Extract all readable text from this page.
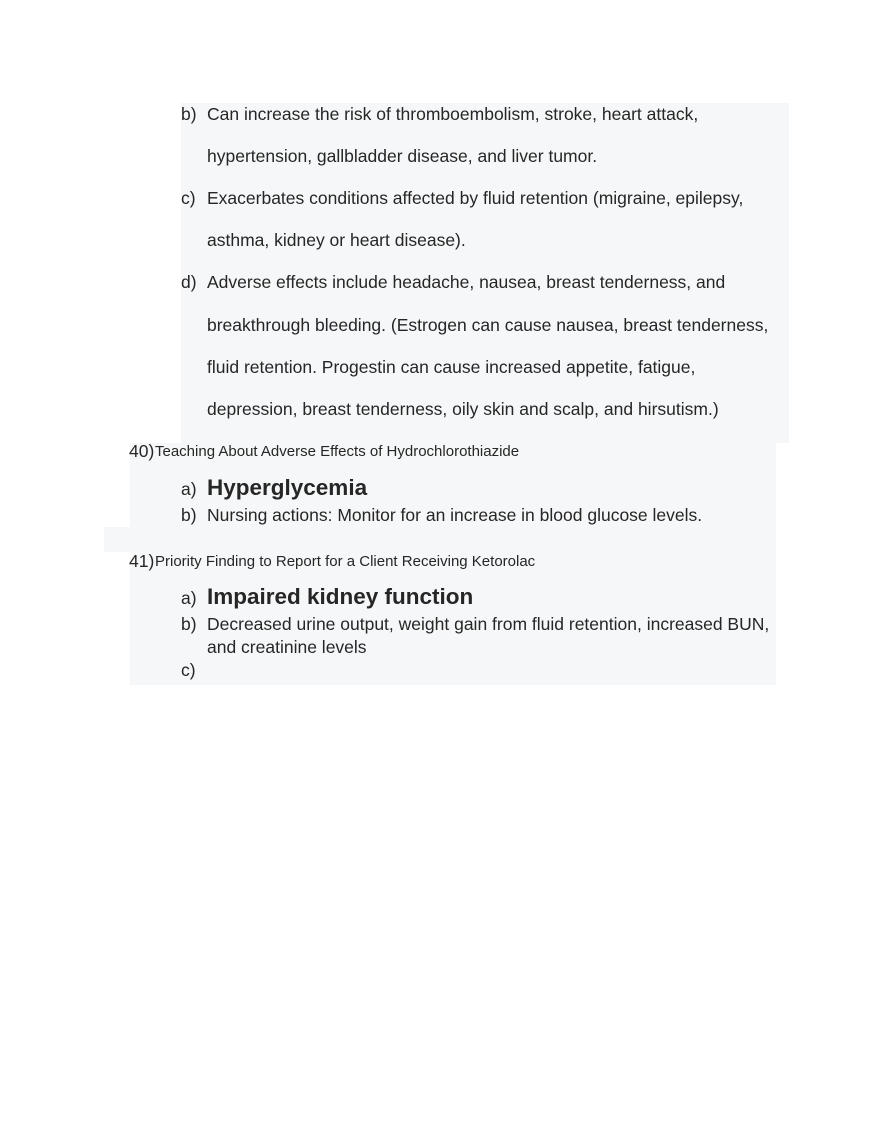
b) Can increase the risk of thromboembolism, stroke, heart attack,
hypertension, gallbladder disease, and liver tumor.
c) Exacerbates conditions affected by fluid retention (migraine, epilepsy,
asthma, kidney or heart disease).
d) Adverse effects include headache, nausea, breast tenderness, and
breakthrough bleeding. (Estrogen can cause nausea, breast tenderness,
fluid retention. Progestin can cause increased appetite, fatigue,
depression, breast tenderness, oily skin and scalp, and hirsutism.)
40) Teaching About Adverse Effects of Hydrochlorothiazide
a) Hyperglycemia
b) Nursing actions: Monitor for an increase in blood glucose levels.
41) Priority Finding to Report for a Client Receiving Ketorolac
a) Impaired kidney function
b) Decreased urine output, weight gain from fluid retention, increased BUN,
and creatinine levels
c)
